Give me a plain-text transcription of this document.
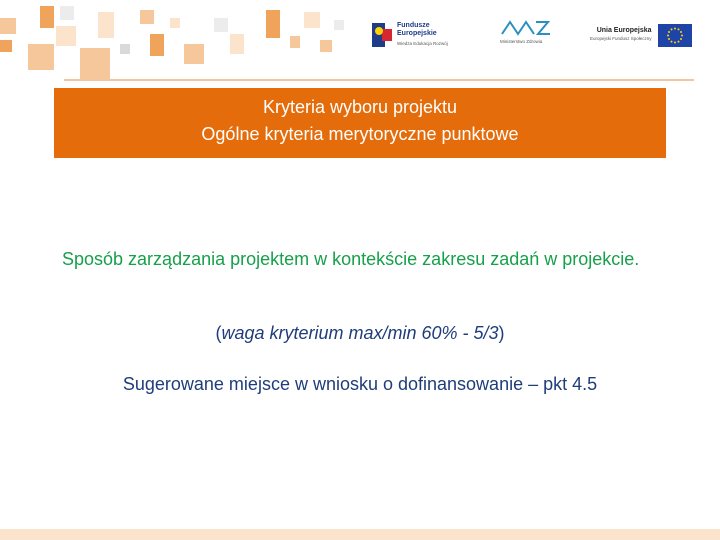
Fundusze
Europejskie
Wiedza Edukacja Rozwój	Ministerstwo Zdrowia
Unia Europejska
Europejski Fundusz Społeczny
Kryteria wyboru projektu
Ogólne kryteria merytoryczne punktowe
Sposób zarządzania projektem w kontekście zakresu zadań w projekcie.
(waga kryterium max/min 60% - 5/3)
Sugerowane miejsce w wniosku o dofinansowanie – pkt 4.5
